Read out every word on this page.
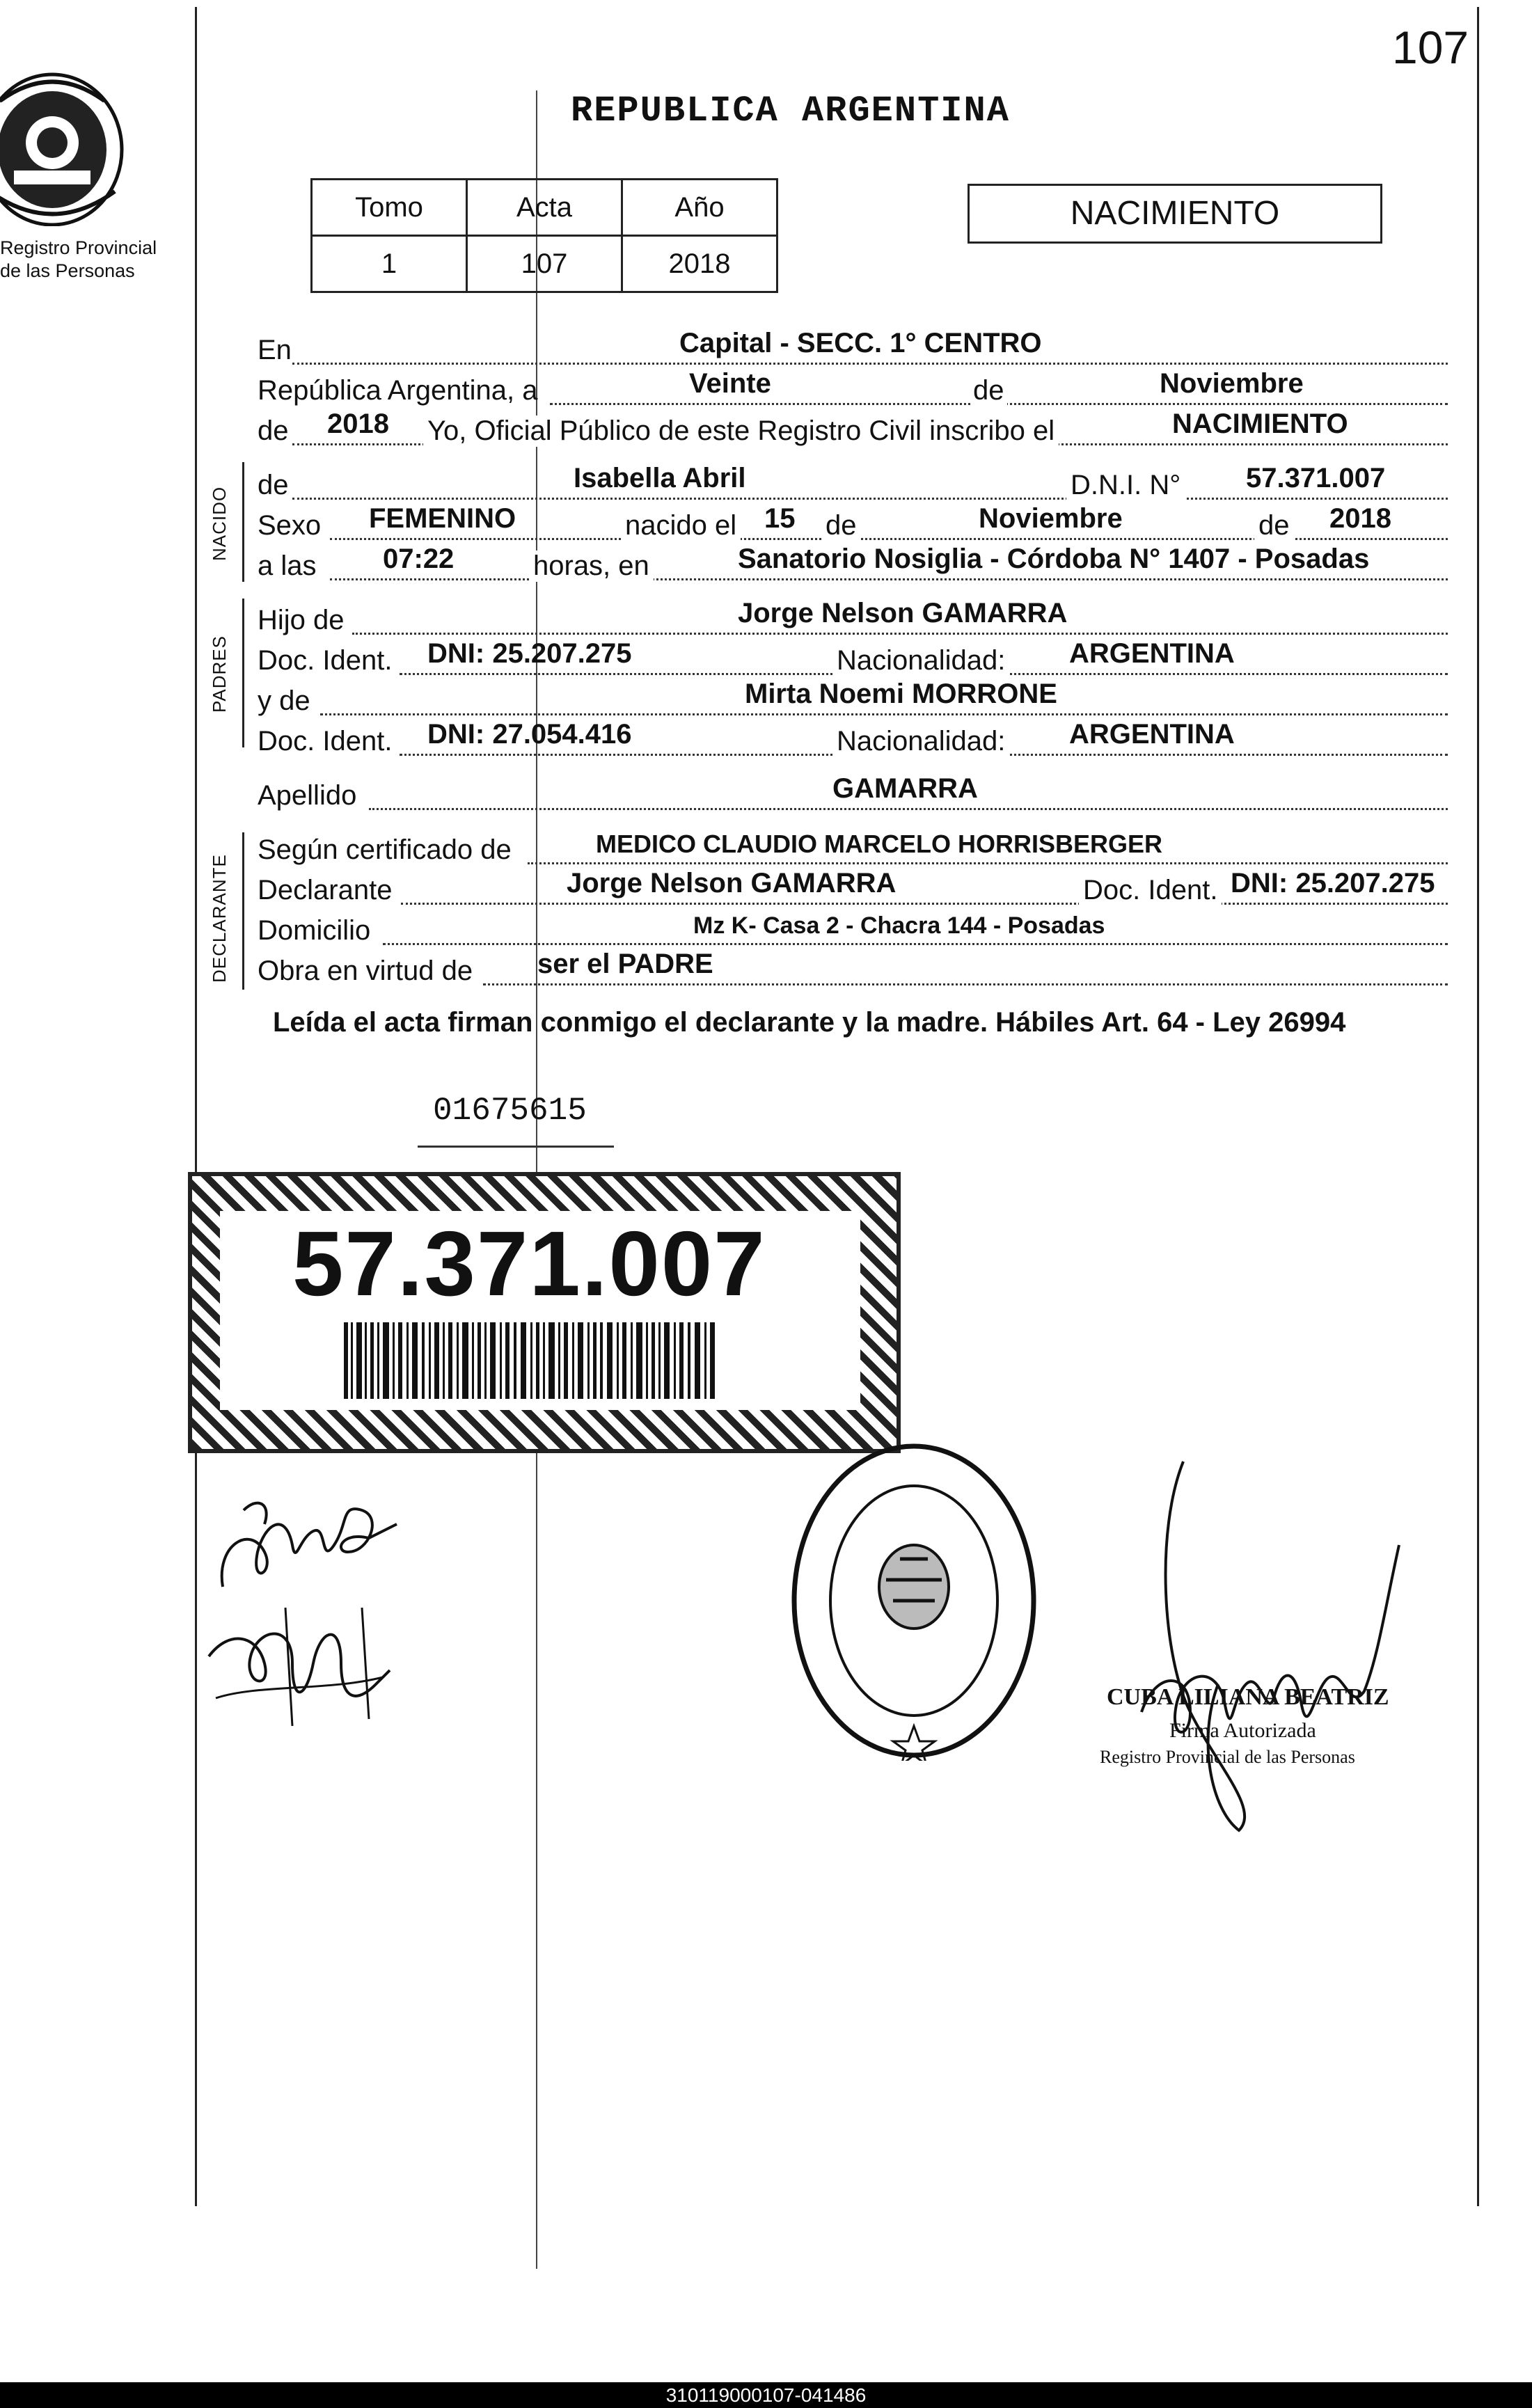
107
Registro Provincial
de las Personas
REPUBLICA ARGENTINA
Tomo	Acta	Año
1	107	2018
NACIMIENTO
En	Capital - SECC. 1° CENTRO
República Argentina, a	Veinte	de	Noviembre
de 2018 Yo, Oficial Público de este Registro Civil inscribo el	NACIMIENTO
NACIDO
de	Isabella Abril	D.N.I. N° 57.371.007
Sexo FEMENINO	nacido el 15 de	Noviembre	de 2018
a las 07:22	horas, en	Sanatorio Nosiglia - Córdoba N° 1407 - Posadas
PADRES
Hijo de	Jorge Nelson GAMARRA
Doc. Ident. DNI: 25.207.275	Nacionalidad: ARGENTINA
y de	Mirta Noemi MORRONE
Doc. Ident. DNI: 27.054.416	Nacionalidad: ARGENTINA
Apellido	GAMARRA
DECLARANTE
Según certificado de	MEDICO CLAUDIO MARCELO HORRISBERGER
Declarante	Jorge Nelson GAMARRA	Doc. Ident. DNI: 25.207.275
Domicilio	Mz K- Casa 2 - Chacra 144 - Posadas
Obra en virtud de ser el PADRE
Leída el acta firman conmigo el declarante y la madre. Hábiles Art. 64 - Ley 26994
01675615
57.371.007
CUBA LILIANA BEATRIZ
Firma Autorizada
Registro Provincial de las Personas
310119000107-041486
